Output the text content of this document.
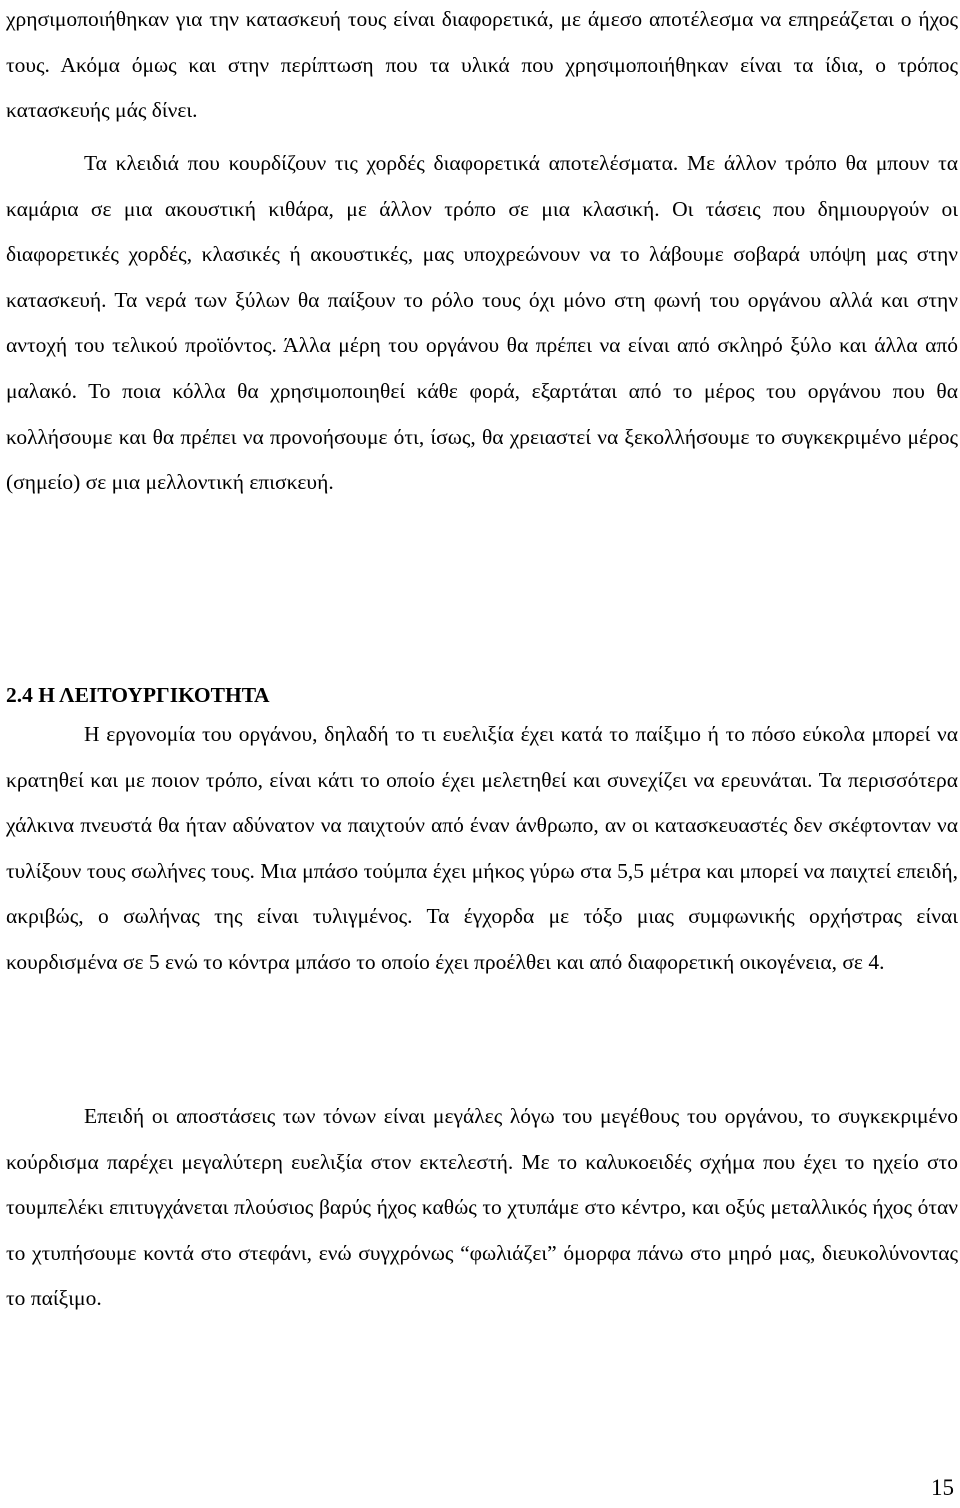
χρησιμοποιήθηκαν για την κατασκευή τους είναι διαφορετικά, με άμεσο αποτέλεσμα να επηρεάζεται ο ήχος τους. Ακόμα όμως και στην περίπτωση που τα υλικά που χρησιμοποιήθηκαν είναι τα ίδια, ο τρόπος κατασκευής μάς δίνει.

Τα κλειδιά που κουρδίζουν τις χορδές διαφορετικά αποτελέσματα. Με άλλον τρόπο θα μπουν τα καμάρια σε μια ακουστική κιθάρα, με άλλον τρόπο σε μια κλασική. Οι τάσεις που δημιουργούν οι διαφορετικές χορδές, κλασικές ή ακουστικές, μας υποχρεώνουν να το λάβουμε σοβαρά υπόψη μας στην κατασκευή. Τα νερά των ξύλων θα παίξουν το ρόλο τους όχι μόνο στη φωνή του οργάνου αλλά και στην αντοχή του τελικού προϊόντος. Άλλα μέρη του οργάνου θα πρέπει να είναι από σκληρό ξύλο και άλλα από μαλακό. Το ποια κόλλα θα χρησιμοποιηθεί κάθε φορά, εξαρτάται από το μέρος του οργάνου που θα κολλήσουμε και θα πρέπει να προνοήσουμε ότι, ίσως, θα χρειαστεί να ξεκολλήσουμε το συγκεκριμένο μέρος (σημείο) σε μια μελλοντική επισκευή.

2.4 Η ΛΕΙΤΟΥΡΓΙΚΟΤΗΤΑ

Η εργονομία του οργάνου, δηλαδή το τι ευελιξία έχει κατά το παίξιμο ή το πόσο εύκολα μπορεί να κρατηθεί και με ποιον τρόπο, είναι κάτι το οποίο έχει μελετηθεί και συνεχίζει να ερευνάται. Τα περισσότερα χάλκινα πνευστά θα ήταν αδύνατον να παιχτούν από έναν άνθρωπο, αν οι κατασκευαστές δεν σκέφτονταν να τυλίξουν τους σωλήνες τους. Μια μπάσο τούμπα έχει μήκος γύρω στα 5,5 μέτρα και μπορεί να παιχτεί επειδή, ακριβώς, ο σωλήνας της είναι τυλιγμένος. Τα έγχορδα με τόξο μιας συμφωνικής ορχήστρας είναι κουρδισμένα σε 5 ενώ το κόντρα μπάσο το οποίο έχει προέλθει και από διαφορετική οικογένεια, σε 4.

Επειδή οι αποστάσεις των τόνων είναι μεγάλες λόγω του μεγέθους του οργάνου, το συγκεκριμένο κούρδισμα παρέχει μεγαλύτερη ευελιξία στον εκτελεστή. Με το καλυκοειδές σχήμα που έχει το ηχείο στο τουμπελέκι επιτυγχάνεται πλούσιος βαρύς ήχος καθώς το χτυπάμε στο κέντρο, και οξύς μεταλλικός ήχος όταν το χτυπήσουμε κοντά στο στεφάνι, ενώ συγχρόνως “φωλιάζει” όμορφα πάνω στο μηρό μας, διευκολύνοντας το παίξιμο.

15
